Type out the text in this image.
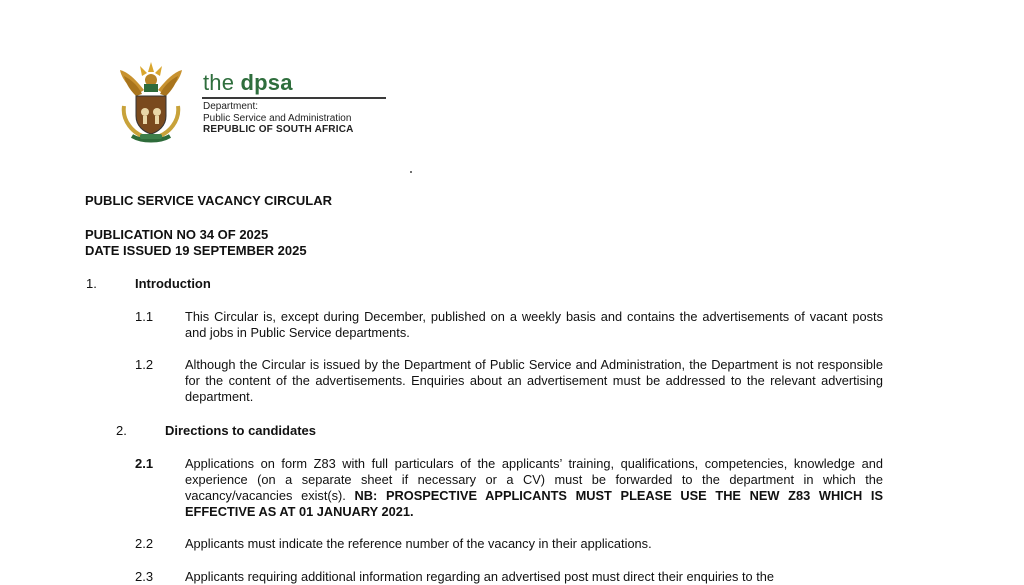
the dpsa
Department:
Public Service and Administration
REPUBLIC OF SOUTH AFRICA
PUBLIC SERVICE VACANCY CIRCULAR
PUBLICATION NO 34 OF 2025
DATE ISSUED 19 SEPTEMBER 2025
1.	Introduction
1.1 This Circular is, except during December, published on a weekly basis and contains the advertisements of vacant posts and jobs in Public Service departments.
1.2 Although the Circular is issued by the Department of Public Service and Administration, the Department is not responsible for the content of the advertisements. Enquiries about an advertisement must be addressed to the relevant advertising department.
2.	Directions to candidates
2.1 Applications on form Z83 with full particulars of the applicants’ training, qualifications, competencies, knowledge and experience (on a separate sheet if necessary or a CV) must be forwarded to the department in which the vacancy/vacancies exist(s). NB: PROSPECTIVE APPLICANTS MUST PLEASE USE THE NEW Z83 WHICH IS EFFECTIVE AS AT 01 JANUARY 2021.
2.2 Applicants must indicate the reference number of the vacancy in their applications.
2.3 Applicants requiring additional information regarding an advertised post must direct their enquiries to the
